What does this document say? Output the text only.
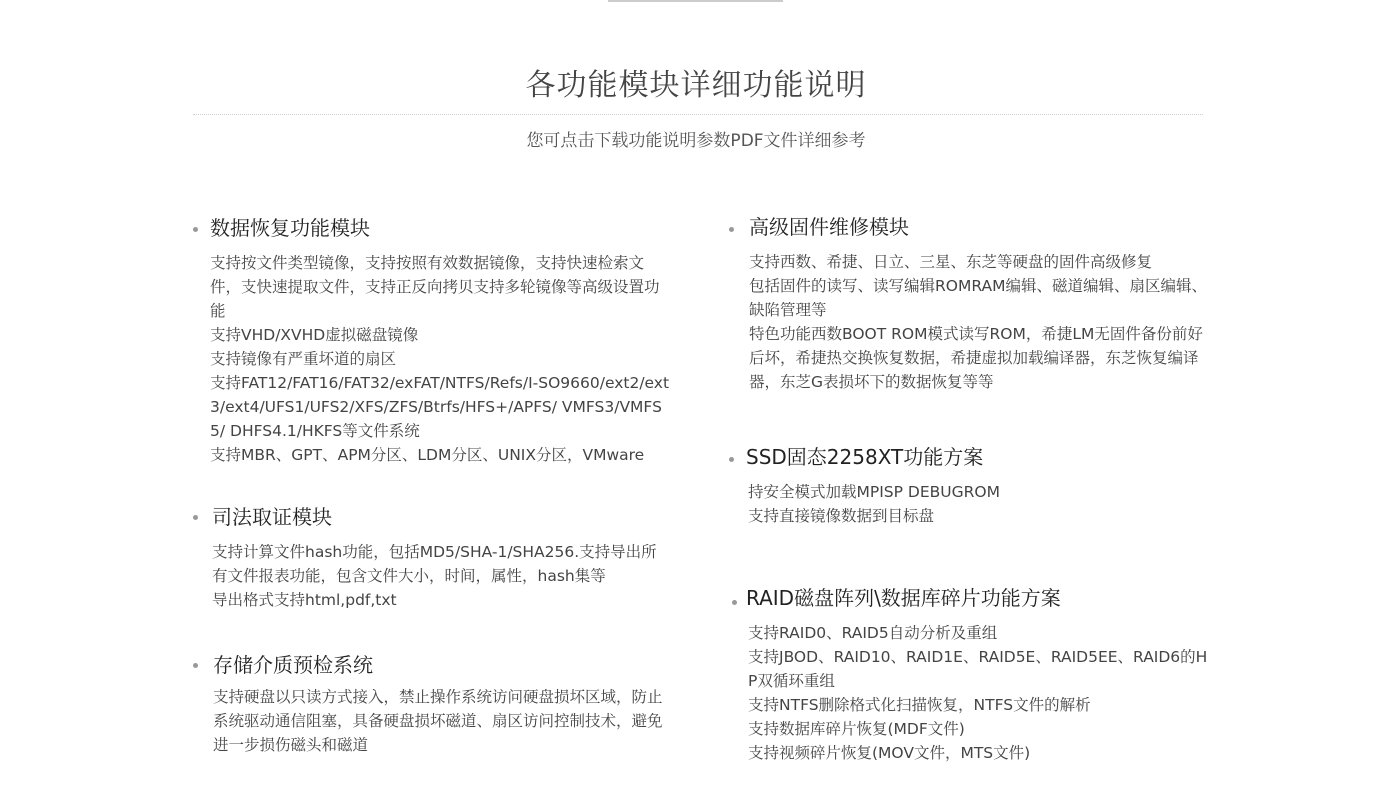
各功能模块详细功能说明
您可点击下载功能说明参数PDF文件详细参考
数据恢复功能模块
支持按文件类型镜像，支持按照有效数据镜像，支持快速检索文件，支快速提取文件，支持正反向拷贝支持多轮镜像等高级设置功能
支持VHD/XVHD虚拟磁盘镜像
支持镜像有严重坏道的扇区
支持FAT12/FAT16/FAT32/exFAT/NTFS/Refs/I-SO9660/ext2/ext3/ext4/UFS1/UFS2/XFS/ZFS/Btrfs/HFS+/APFS/ VMFS3/VMFS5/ DHFS4.1/HKFS等文件系统
支持MBR、GPT、APM分区、LDM分区、UNIX分区，VMware
司法取证模块
支持计算文件hash功能，包括MD5/SHA-1/SHA256.支持导出所有文件报表功能，包含文件大小，时间，属性，hash集等
导出格式支持html,pdf,txt
存储介质预检系统
支持硬盘以只读方式接入，禁止操作系统访问硬盘损坏区域，防止系统驱动通信阻塞，具备硬盘损坏磁道、扇区访问控制技术，避免进一步损伤磁头和磁道
高级固件维修模块
支持西数、希捷、日立、三星、东芝等硬盘的固件高级修复
包括固件的读写、读写编辑ROMRAM编辑、磁道编辑、扇区编辑、缺陷管理等
特色功能西数BOOT ROM模式读写ROM，希捷LM无固件备份前好后坏，希捷热交换恢复数据，希捷虚拟加载编译器，东芝恢复编译器，东芝G表损坏下的数据恢复等等
SSD固态2258XT功能方案
持安全模式加载MPISP DEBUGROM
支持直接镜像数据到目标盘
RAID磁盘阵列\数据库碎片功能方案
支持RAID0、RAID5自动分析及重组
支持JBOD、RAID10、RAID1E、RAID5E、RAID5EE、RAID6的HP双循环重组
支持NTFS删除格式化扫描恢复，NTFS文件的解析
支持数据库碎片恢复(MDF文件)
支持视频碎片恢复(MOV文件，MTS文件)
